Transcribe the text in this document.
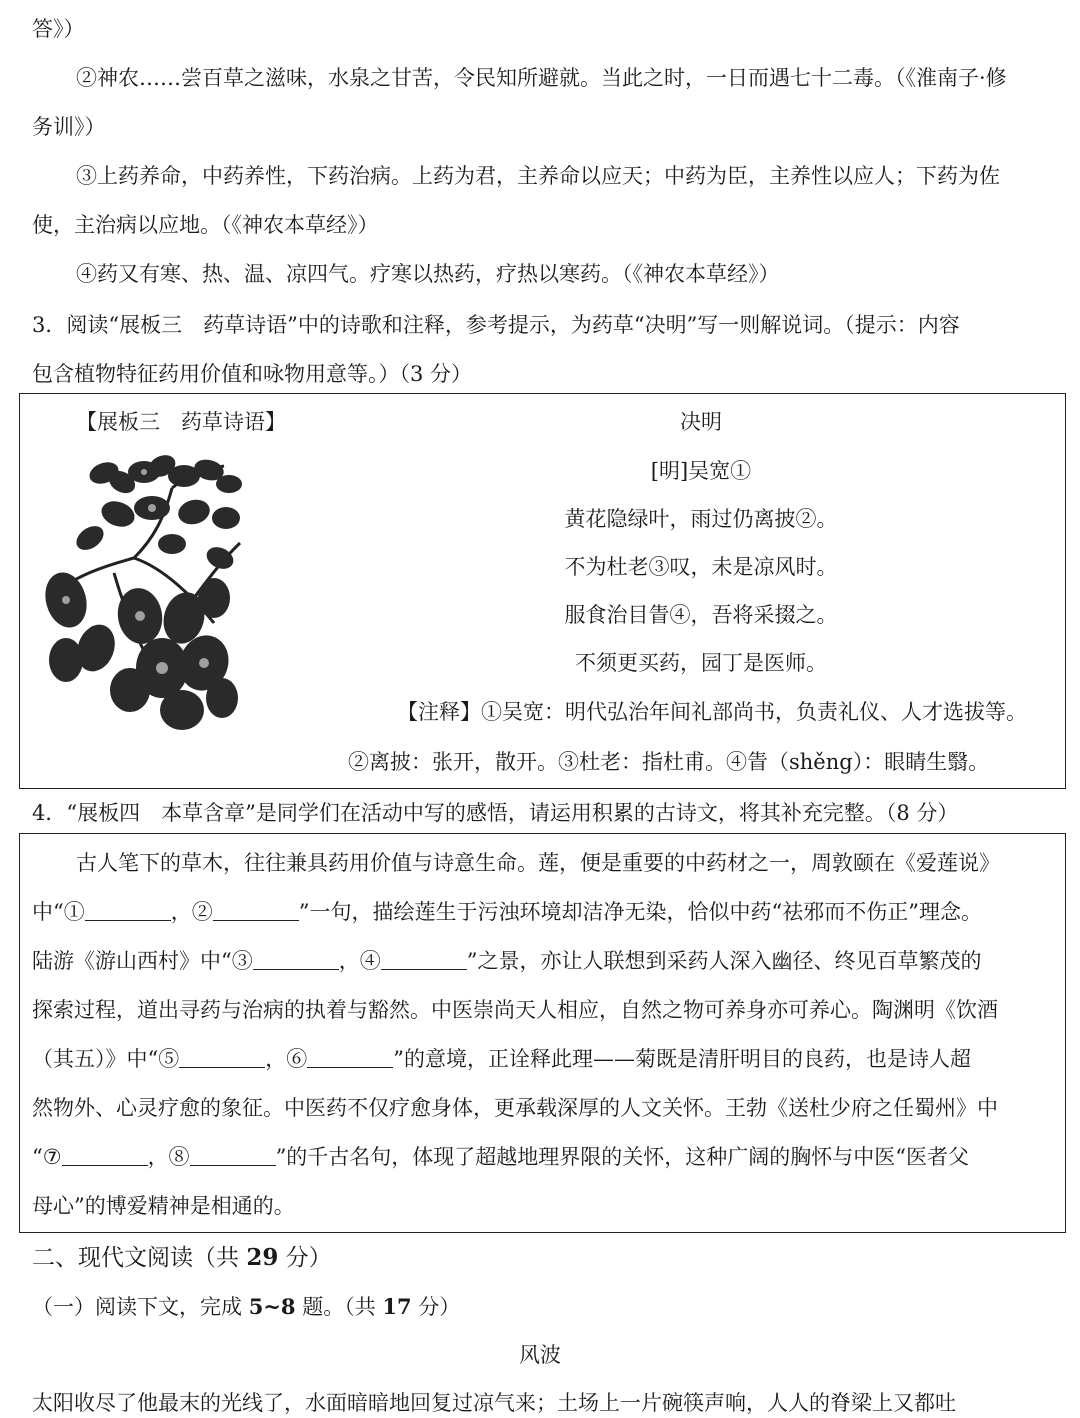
答》）
②神农……尝百草之滋味，水泉之甘苦，令民知所避就。当此之时，一日而遇七十二毒。（《淮南子·修
务训》）
③上药养命，中药养性，下药治病。上药为君，主养命以应天；中药为臣，主养性以应人；下药为佐
使，主治病以应地。（《神农本草经》）
④药又有寒、热、温、凉四气。疗寒以热药，疗热以寒药。（《神农本草经》）
3．阅读“展板三　药草诗语”中的诗歌和注释，参考提示，为药草“决明”写一则解说词。（提示：内容
包含植物特征药用价值和咏物用意等。）（3 分）
【展板三　药草诗语】	决明
[明]吴宽①
黄花隐绿叶，雨过仍离披②。
不为杜老③叹，未是凉风时。
服食治目眚④，吾将采掇之。
不须更买药，园丁是医师。
【注释】①吴宽：明代弘治年间礼部尚书，负责礼仪、人才选拔等。
②离披：张开，散开。③杜老：指杜甫。④眚（shěng）：眼睛生翳。
4．“展板四　本草含章”是同学们在活动中写的感悟，请运用积累的古诗文，将其补充完整。（8 分）
古人笔下的草木，往往兼具药用价值与诗意生命。莲，便是重要的中药材之一，周敦颐在《爱莲说》
中“①	，②	”一句，描绘莲生于污浊环境却洁净无染，恰似中药“祛邪而不伤正”理念。
陆游《游山西村》中“③	，④	”之景，亦让人联想到采药人深入幽径、终见百草繁茂的
探索过程，道出寻药与治病的执着与豁然。中医崇尚天人相应，自然之物可养身亦可养心。陶渊明《饮酒
（其五）》中“⑤	，⑥	”的意境，正诠释此理——菊既是清肝明目的良药，也是诗人超
然物外、心灵疗愈的象征。中医药不仅疗愈身体，更承载深厚的人文关怀。王勃《送杜少府之任蜀州》中
“⑦	，⑧	”的千古名句，体现了超越地理界限的关怀，这种广阔的胸怀与中医“医者父
母心”的博爱精神是相通的。
二、现代文阅读（共 29 分）
（一）阅读下文，完成 5~8 题。（共 17 分）
风波
太阳收尽了他最末的光线了，水面暗暗地回复过凉气来；土场上一片碗筷声响，人人的脊梁上又都吐
